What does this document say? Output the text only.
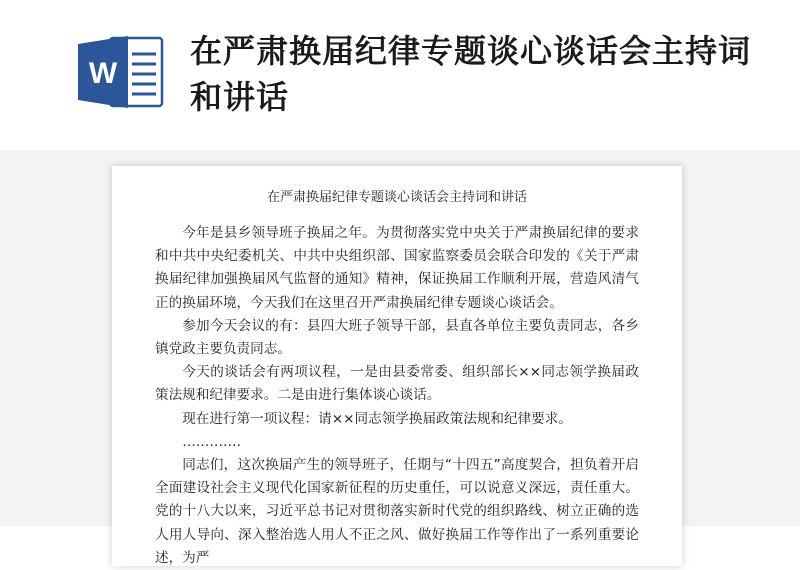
W
在严肃换届纪律专题谈心谈话会主持词和讲话
在严肃换届纪律专题谈心谈话会主持词和讲话

今年是县乡领导班子换届之年。为贯彻落实党中央关于严肃换届纪律的要求和中共中央纪委机关、中共中央组织部、国家监察委员会联合印发的《关于严肃换届纪律加强换届风气监督的通知》精神，保证换届工作顺利开展，营造风清气正的换届环境，今天我们在这里召开严肃换届纪律专题谈心谈话会。

参加今天会议的有：县四大班子领导干部，县直各单位主要负责同志，各乡镇党政主要负责同志。

今天的谈话会有两项议程，一是由县委常委、组织部长××同志领学换届政策法规和纪律要求。二是由进行集体谈心谈话。

现在进行第一项议程：请××同志领学换届政策法规和纪律要求。

………….

同志们，这次换届产生的领导班子，任期与“十四五”高度契合，担负着开启全面建设社会主义现代化国家新征程的历史重任，可以说意义深远，责任重大。党的十八大以来，习近平总书记对贯彻落实新时代党的组织路线、树立正确的选人用人导向、深入整治选人用人不正之风、做好换届工作等作出了一系列重要论述，为严
